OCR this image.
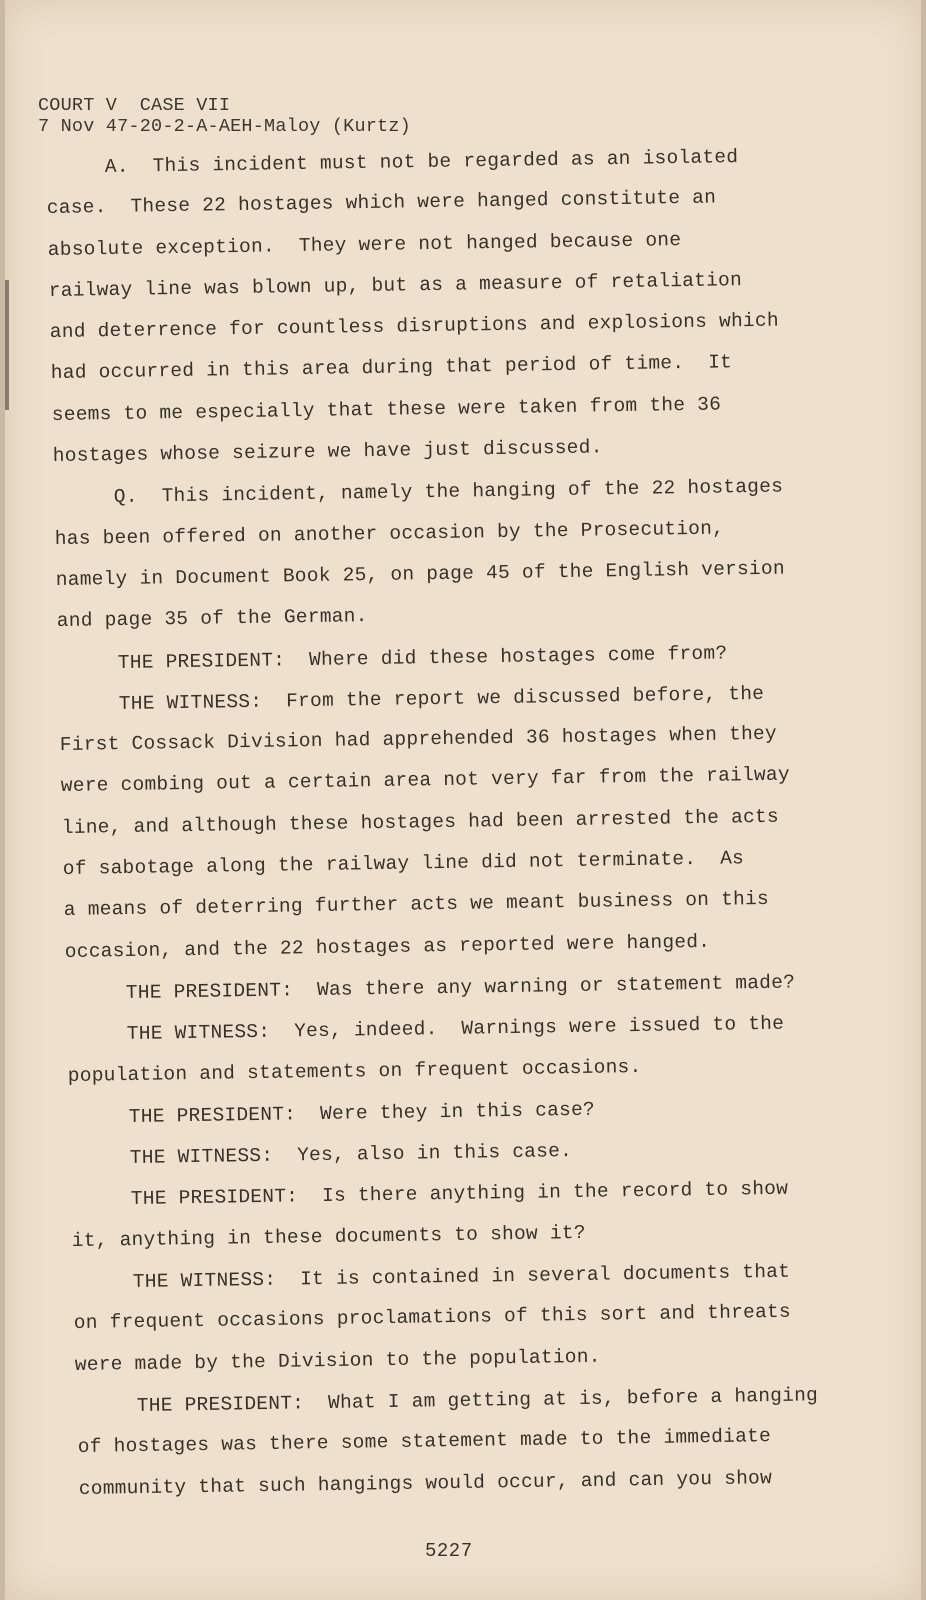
COURT V  CASE VII
7 Nov 47-20-2-A-AEH-Maloy (Kurtz)
A.  This incident must not be regarded as an isolated
case.  These 22 hostages which were hanged constitute an
absolute exception.  They were not hanged because one
railway line was blown up, but as a measure of retaliation
and deterrence for countless disruptions and explosions which
had occurred in this area during that period of time.  It
seems to me especially that these were taken from the 36
hostages whose seizure we have just discussed.
Q.  This incident, namely the hanging of the 22 hostages
has been offered on another occasion by the Prosecution,
namely in Document Book 25, on page 45 of the English version
and page 35 of the German.
THE PRESIDENT:  Where did these hostages come from?
THE WITNESS:  From the report we discussed before, the
First Cossack Division had apprehended 36 hostages when they
were combing out a certain area not very far from the railway
line, and although these hostages had been arrested the acts
of sabotage along the railway line did not terminate.  As
a means of deterring further acts we meant business on this
occasion, and the 22 hostages as reported were hanged.
THE PRESIDENT:  Was there any warning or statement made?
THE WITNESS:  Yes, indeed.  Warnings were issued to the
population and statements on frequent occasions.
THE PRESIDENT:  Were they in this case?
THE WITNESS:  Yes, also in this case.
THE PRESIDENT:  Is there anything in the record to show
it, anything in these documents to show it?
THE WITNESS:  It is contained in several documents that
on frequent occasions proclamations of this sort and threats
were made by the Division to the population.
THE PRESIDENT:  What I am getting at is, before a hanging
of hostages was there some statement made to the immediate
community that such hangings would occur, and can you show
5227
